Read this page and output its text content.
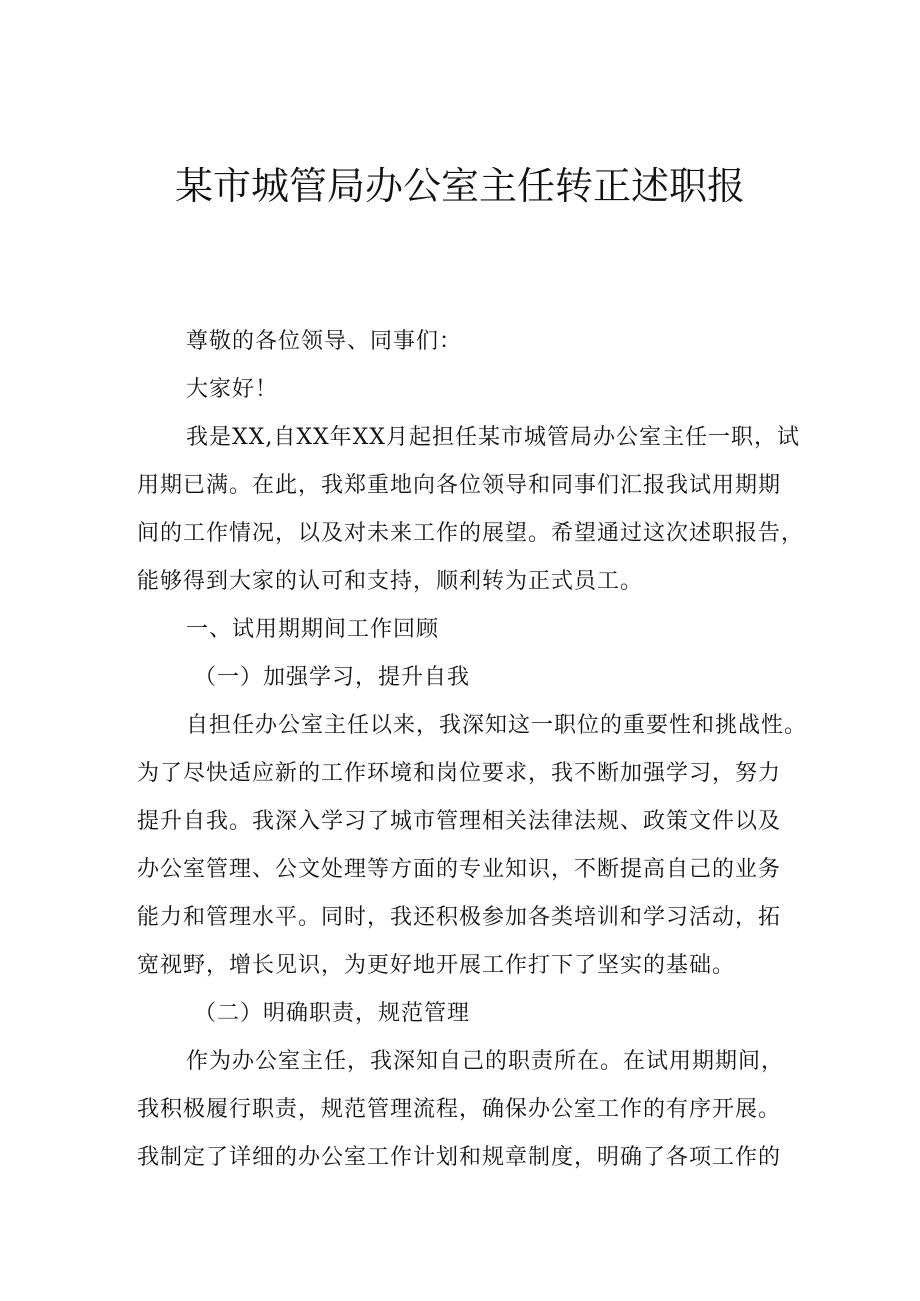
某市城管局办公室主任转正述职报
尊敬的各位领导、同事们：
大家好！
我是XX,自XX年XX月起担任某市城管局办公室主任一职，试
用期已满。在此，我郑重地向各位领导和同事们汇报我试用期期
间的工作情况，以及对未来工作的展望。希望通过这次述职报告，
能够得到大家的认可和支持，顺利转为正式员工。
一、试用期期间工作回顾
（一）加强学习，提升自我
自担任办公室主任以来，我深知这一职位的重要性和挑战性。
为了尽快适应新的工作环境和岗位要求，我不断加强学习，努力
提升自我。我深入学习了城市管理相关法律法规、政策文件以及
办公室管理、公文处理等方面的专业知识，不断提高自己的业务
能力和管理水平。同时，我还积极参加各类培训和学习活动，拓
宽视野，增长见识，为更好地开展工作打下了坚实的基础。
（二）明确职责，规范管理
作为办公室主任，我深知自己的职责所在。在试用期期间，
我积极履行职责，规范管理流程，确保办公室工作的有序开展。
我制定了详细的办公室工作计划和规章制度，明确了各项工作的
